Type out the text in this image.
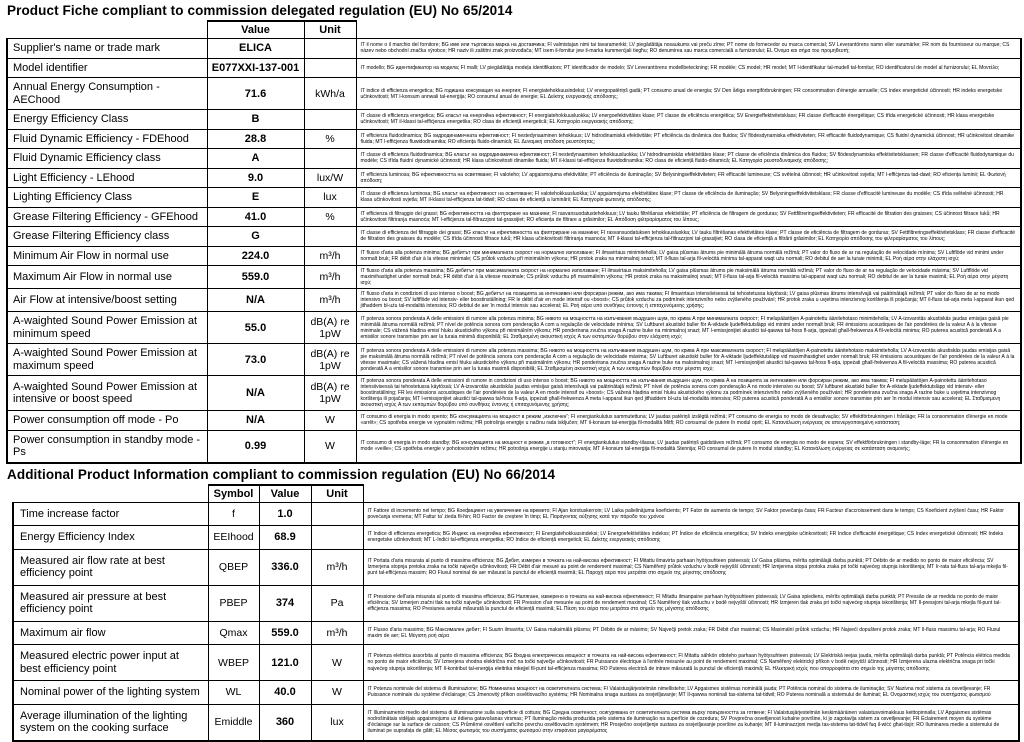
Product Fiche compliant to commission delegated regulation (EU) No 65/2014
	Value	Unit	
Supplier's name or trade mark	ELICA		IT il nome o il marchio del fornitore; BG име или търговска марка на доставчика; FI valmistajan nimi tai tavaramerkki; LV piegādātāja nosaukums vai preču zīme; PT nome do fornecedor ou marca comercial; SV Leverantörens namn eller varumärke; FR nom du fournisseur ou marque; CS název nebo obchodní značka výrobce; HR naziv ili zaštitni znak proizvođača; MT isem il-fornitur jew il-marka kummerċjali tiegħu; RO denumirea sau marca comercială a furnizorului; EL Όνομα και σήμα του προμηθευτή;
Model identifier	E077XXI-137-001		IT modello; BG идентификатор на модела; FI malli; LV piegādātāja modeļa identifikators; PT identificador de modelo; SV Leverantörens modellbeteckning; FR modèle; CS model; HR model; MT l-identifikatur tal-mudell tal-fornitur; RO identificatorul de model al furnizorului; EL Μοντέλο;
Annual Energy Consumption - AEChood	71.6	kWh/a	IT indice di efficienza energetica; BG годишна консумация на енергия; FI energiatehokkuusindeksi; LV energopatēriņš gadā; PT consumo anual de energia; SV Den årliga energiförbrukningen; FR consommation d'énergie annuelle; CS index energetické účinnosti; HR indeks energetske učinkovitosti; MT l-konsum annwali tal-enerġija; RO consumul anual de energie; EL Δείκτης ενεργειακής απόδοσης;
Energy Efficiency Class	B		IT classe di efficienza energetica; BG класът на енергийна ефективност; FI energiatehokkuusluokka; LV energoefektivitātes klase; PT classe de eficiência energética; SV Energieffektivitetsklass; FR classe d'efficacité énergétique; CS třída energetické účinnosti; HR klasa energetske učinkovitosti; MT il-klassi tal-effiċjenza energetika; RO clasa de eficiență energetică; EL Κατηγορία ενεργειακής απόδοσης;
Fluid Dynamic Efficiency - FDEhood	28.8	%	IT efficienza fluidodinamica; BG хидродинамичната ефективност; FI nestedynaaminen tehokkuus; LV hidrodinamiskā efektivitāte; PT eficiência da dinâmica dos fluidos; SV flödesdynamiska effektiviteten; FR efficacité fluidodynamique; CS fluidní dynamická účinnost; HR učinkovitost dinamike fluida; MT l-effiċjenza fluwidodinamika; RO eficiența fluido-dinamică; EL Δυναμική απόδοση ρευστότητας;
Fluid Dynamic Efficiency class	A		IT classe di efficienza fluidodinamica; BG класът на хидродинамична ефективност; FI nestedynaaminen tehokkuusluokka; LV hidrodinamiskās efektivitātes klase; PT classe de eficiência dinâmica dos fluidos; SV flödesdynamiska effektivitetsklassen; FR classe d'efficacité fluidodynamique du modèle; CS třída fluidní dynamické účinnosti; HR klasa učinkovitosti dinamike fluida; MT il-klassi tal-effiċjenza fluwidodinamika; RO clasa de eficiență fluido-dinamică; EL Κατηγορία ρευστοδυναμικής απόδοσης;
Light Efficiency - LEhood	9.0	lux/W	IT efficienza luminosa; BG ефективността на осветяване; FI valoteho; LV apgaismojuma efektivitāte; PT eficiência de iluminação; SV Belysningseffektiviteten; FR efficacité lumineuse; CS světelná účinnost; HR učinkovitost svjetla; MT l-effiċjenza tad-dawl; RO eficiența luminii; EL Φωτεινή απόδοση;
Lighting Efficiency Class	E	lux	IT classe di efficienza luminosa; BG класът на ефективност на осветяване; FI valotehokkuusluokka; LV apgaismojuma efektivitātes klase; PT classe de eficiência de iluminação; SV Belysningseffektivitetsklass; FR classe d'efficacité lumineuse du modèle; CS třída světelné účinnosti; HR klasa učinkovitosti svjetla; MT il-klassi tal-effiċjenza tat-tidwil; RO clasa de eficiență a luminării; EL Κατηγορία φωτεινής απόδοσης;
Grease Filtering Efficiency - GFEhood	41.0	%	IT efficienza di filtraggio dei grassi; BG ефективността на филтриране на мазнини; FI rasvansuodatustehokkuus; LV tauku filtrēšanas efektivitāte; PT eficiência de filtragem de gorduras; SV Fettfiltreringseffektiviteten; FR efficacité de filtration des graisses; CS účinnost filtrace tuků; HR učinkovitost filtriranja masnoća; MT l-effiċjenza tal-filtrazzjoni tal-grassijiet; RO eficiența de filtrare a grăsimilor; EL Απόδοση φιλτραρίσματος του λίπους;
Grease Filtering Efficiency class	G		IT classe di efficienza del filtraggio dei grassi; BG класът на ефективността на филтриране на мазнини; FI rasvansuodatuksen tehokkuusluokka; LV tauku filtrēšanas efektivitātes klase; PT classe de eficiência de filtragem de gorduras; SV Fettfiltreringseffektivitetsklass; FR classe d'efficacité de filtration des graisses du modèle; CS třída účinnosti filtrace tuků; HR klasa učinkovitosti filtriranja masnoća; MT il-klassi tal-effiċjenza tal-filtrazzjoni tal-grassijiet; RO clasa de eficiență a filtrării grăsimilor; EL Κατηγορία απόδοσης του φιλτραρίσματος του λίπους;
Minimum Air Flow in normal use	224.0	m³/h	IT flusso d'aria alla potenza minima; BG дебитът при минималната скорост на нормално използване; FI ilmavirtaus minimiteholla; LV gaisa plūsmas ātrums pie minimālā ātruma normālā režīmā; PT valor do fluxo de ar na regulação de velocidade mínima; SV Luftflöde vid minimi under normalt bruk; FR débit d'air à la vitesse minimale; CS průtok vzduchu při minimálním výkonu; HR protok zraka na minimalnoj snazi; MT il-fluss tal-arja fil-veloċità minima tal-apparat waqt użu normali; RO debitul de aer la turaie minimă; EL Ροή αέρα στην ελάχιστη ισχύ;
Maximum Air Flow in normal use	559.0	m³/h	IT flusso d'aria alla potenza massima; BG дебитът при максималната скорост на нормално използване; FI ilmavirtaus maksimiteholla; LV gaisa plūsmas ātrums pie maksimālā ātruma normālā režīmā; PT valor do fluxo de ar na regulação de velocidade máxima; SV Luftflöde vid maximihastighet under normalt bruk; FR débit d'air à la vitesse maximale; CS průtok vzduchu při maximálním výkonu; HR protok zraka na maksimalnoj snazi; MT il-fluss tal-arja fil-veloċità massima tal-apparat waqt użu normali; RO debitul de aer la turaie maximă; EL Ροή αέρα στην μέγιστη ισχύ;
Air Flow at intensive/boost setting	N/A	m³/h	IT flusso d'aria in condizioni di uso intenso o boost; BG дебитът на позицията за интензивен или форсиран режим, ако има такива; FI ilmavirtaus intensiivisessä tai tehostetussa käytössä; LV gaisa plūsmas ātrums intensīvajā vai paātrinātajā režīmā; PT valor do fluxo de ar no modo intensivo ou boost; SV luftflöde vid intensiv- eller boostinställning; FR le débit d'air en mode intensif ou «boost»; CS průtok vzduchu za podmínek intenzivního nebo zvýšeného používání; HR protok zraka u uvjetima intenzivnog korištenja ili pojačanja; MT il-fluss tal-arja meta l-apparat ikun qed jitħaddem bl-użu tal-modalità intensiva; RO debitul de aer în modul intensiv sau accelerat; EL Ροή αέρα υπό συνθήκες έντονης ή επιταχυνόμενης χρήσης;
A-waighted Sound Power Emission at minimum speed	55.0	dB(A) re 1pW	IT potenza sonora ponderata A delle emissioni di rumore alla potenza minima; BG нивото на мощността на излъчвания въздушен шум, по крива A при минималната скорост; FI melupäästöjen A-painotettu äänitehotaso minimiteholla; LV A-izsvarotās akustiskās jaudas emisijas gaisā pie minimālā ātruma normālā režīmā; PT nível de potência sonora com ponderação A com a regulação de velocidade mínima; SV Luftburet akustiskt buller för A-viktade ljudeffektutsläpp vid minimi under normalt bruk; FR émissions acoustiques de l'air pondérées de la valeur A à la vitesse minimale; CS vážená hladina emisí hluku akustického výkonu při minimálním výkonu; HR ponderirana zvučna snaga A razine buke na minimalnoj snazi; MT l-emissjonijiet akustiċi tal-qawwa tal-ħoss fl-arja, ippeżati għall-frekwenza A fil-veloċità minima; RO puterea acustică ponderată A a emisiilor sonore transmise prin aer la turaia minimă disponibilă; EL Σταθμισμένη ακουστική ισχύς A των εκπομπών θορύβου στην ελάχιστη ισχύ;
A-waighted Sound Power Emission at maximum speed	73.0	dB(A) re 1pW	IT potenza sonora ponderata A delle emissioni di rumore alla potenza massima; BG нивото на мощността на излъчвания въздушен шум, по крива A при максималната скорост; FI melupäästöjen A-painotettu äänitehotaso maksimiteholla; LV A-izsvarotās akustiskās jaudas emisijas gaisā pie maksimālā ātruma normālā režīmā; PT nível de potência sonora com ponderação A com a regulação de velocidade máxima; SV Luftburet akustiskt buller för A-viktade ljudeffektutsläpp vid maximihastighet under normalt bruk; FR émissions acoustiques de l'air pondérées de la valeur A à la vitesse maximale; CS vážená hladina emisí hluku akustického výkonu při maximálním výkonu; HR ponderirana zvučna snaga A razine buke na maksimalnoj snazi; MT l-emissjonijiet akustiċi tal-qawwa tal-ħoss fl-arja, ippeżati għall-frekwenza A fil-veloċità massima; RO puterea acustică ponderată A a emisiilor sonore transmise prin aer la turaia maximă disponibilă; EL Σταθμισμένη ακουστική ισχύς A των εκπομπών θορύβου στην μέγιστη ισχύ;
A-waighted Sound Power Emission at intensive or boost speed	N/A	dB(A) re 1pW	IT potenza sonora ponderata A delle emissioni di rumore in condizioni di uso intenso o boost; BG нивото на мощността на излъчвания въздушен шум, по крива A на позицията за интензивен или форсиран режим, ако има такива; FI melupäästöjen A-painotettu äänitehotaso intensiivisessä tai tehostetussa käytössä; LV A-izsvarotās akustiskās jaudas emisijas gaisā intensīvajā vai paātrinātajā režīmā; PT nível de potência sonora com ponderação A no modo intensivo ou boost; SV luftburet akustiskt buller för A-viktade ljudeffektutsläpp vid intensiv- eller boostinställning; FR les émissions acoustiques de l'air pondérées de la valeur A en mode intensif ou «boost»; CS vážená hladina emisí hluku akustického výkonu za podmínek intenzivního nebo zvýšeného používání; HR ponderirana zvučna snaga A razine buke u uvjetima intenzivnog korištenja ili pojačanja; MT l-emissjonijiet akustiċi tal-qawwa tal-ħoss fl-arja, ippeżati għall-frekwenza A meta l-apparat ikun qed jitħaddem bl-użu tal-modalità intensiva; RO puterea acustică ponderată A a emisiilor sonore transmise prin aer în modul intensiv sau accelerat; EL Σταθμισμένη ακουστική ισχύς A των εκπομπών θορύβου υπό συνθήκες έντονης ή επιταχυνόμενης χρήσης;
Power consumption off mode - Po	N/A	W	IT consumo di energia in modo spento; BG консумацията на мощност в режим „изключен“; FI energiankulutus sammutettuna; LV jaudas patēriņš izslēgtā režīmā; PT consumo de energia no modo de desativação; SV effektförbrukningen i frånläge; FR la consommation d'énergie en mode «arrêt»; CS spotřeba energie ve vypnutém režimu; HR potrošnja energije u načinu rada isključen; MT il-konsum tal-enerġija fil-modalità Mitfi; RO consumul de putere în modul oprit; EL Κατανάλωση ενέργειας σε απενεργοποιημένη κατάσταση;
Power consumption in standby mode - Ps	0.99	W	IT consumo di energia in modo standby; BG консумацията на мощност в режим „в готовност“; FI energiankulutus standby-tilassa; LV jaudas patēriņš gaidstāves režīmā; PT consumo de energia no modo de espera; SV effektförbrukningen i standby-läge; FR la consommation d'énergie en mode «veille»; CS spotřeba energie v pohotovostním režimu; HR potrošnja energije u stanju mirovanja; MT il-konsum tal-enerġija fil-modalità Stennija; RO consumul de putere în modul standby; EL Κατανάλωση ενέργειας σε κατάσταση αναμονής;
Additional Product Information compliant to commission regulation (EU) No 66/2014
	Symbol	Value	Unit	
Time increase factor	f	1.0		IT Fattore di incremento nel tempo; BG Коефициент на увеличение на времето; FI Ajan korotuskerroin; LV Laika palielinājuma koeficients; PT Fator de aumento de tempo; SV Faktor povečanja časa; FR Facteur d'accroissement dans le temps; CS Koeficient zvýšení času; HR Faktor povećanja vremena; MT Fattur ta' żieda fil-ħin; RO Factor de creștere în timp; EL Παράγοντας αύξησης κατά την πάροδο του χρόνου
Energy Efficiency Index	EEIhood	68.9		IT Indice di efficienza energetica; BG Индекс на енергийна ефективност; FI Energiatehokkuusindeksi; LV Energoefektivitātes indekss; PT Índice de eficiência energética; SV Indeks energijske učinkovitosti; FR Indice d'efficacité énergétique; CS Index energetické účinnosti; HR Indeks energetske učinkovitosti; MT L-Indiċi tal-effiċjenza energetika; RO Indice de eficiență energetică; EL Δείκτης ενεργειακής απόδοσης
Measured air flow rate at best efficiency point	QBEP	336.0	m³/h	IT Portata d'aria misurata al punto di massima efficienza; BG Дебит, измерен в точката на най-висока ефективност; FI Mitattu ilmavirta parhaan hyötysuhteen pisteessä; LV Gaisa plūsma, mērīta optimālajā darba punktā; PT Débito de ar medido no ponto de maior eficiência; SV Izmerjena stopnja pretoka zraka na točki največje učinkovitosti; FR Débit d'air mesuré au point de rendement maximal; CS Naměřený průtok vzduchu v bodě nejvyšší účinnosti; HR Izmjerena stopa protoka zraka pri točki najvećeg stupnja iskorištenja; MT Ir-rata tal-fluss tal-arja mkejla fil-punt tal-effiċjenza massim; RO Fluxul nominal de aer măsurat la punctul de eficiență maximă; EL Παροχή αέρα που μετράται στο σημείο της μέγιστης απόδοσης
Measured air pressure at best efficiency point	PBEP	374	Pa	IT Pressione dell'aria misurata al punto di massima efficienza; BG Налягане, измерено в точката на най-висока ефективност; FI Mitattu ilmanpaine parhaan hyötysuhteen pisteessä; LV Gaisa spiediens, mērīts optimālajā darba punktā; PT Pressão de ar medida no ponto de maior eficiência; SV Izmerjen zračni tlak na točki največje učinkovitosti; FR Pression d'air mesurée au point de rendement maximal; CS Naměřený tlak vzduchu v bodě nejvyšší účinnosti; HR Izmjeren tlak zraka pri točki najvećeg stupnja iskorištenja; MT Il-pressjoni tal-arja mkejla fil-punt tal-effiċjenza massima; RO Presiunea aerului măsurată la punctul de eficiență maximă; EL Πίεση του αέρα που μετράται στο σημείο της μέγιστης απόδοσης
Maximum air flow	Qmax	559.0	m³/h	IT Flusso d'aria massimo; BG Максимален дебит; FI Suurin ilmavirta; LV Gaisa maksimālā plūsma; PT Débito de ar máximo; SV Največji pretok zraka; FR Débit d'air maximal; CS Maximální průtok vzduchu; HR Najveći dopušteni protok zraka; MT Il-fluss massimu tal-arja; RO Fluxul maxim de aer; EL Μέγιστη ροή αέρα
Measured electric power input at best efficiency point	WBEP	121.0	W	IT Potenza elettrica assorbita al punto di massima efficienza; BG Входна електрическа мощност в точката на най-висока ефективност; FI Mitattu sähkön ottoteho parhaan hyötysuhteen pisteessä; LV Elektriskā ieejas jauda, mērīta optimālajā darba punktā; PT Potência elétrica medida no ponto de maior eficiência; SV Izmerjena vhodna električna moč na točki največje učinkovitosti; FR Puissance électrique à l'entrée mesurée au point de rendement maximal; CS Naměřený elektrický příkon v bodě nejvyšší účinnosti; HR Izmjerena ulazna električna snaga pri točki najvećeg stupnja iskorištenja; MT Il-kontribut tal-enerġija elettrika mkejjel fil-punt tal-effiċjenza massima; RO Puterea electrică de intrare măsurată la punctul de eficiență maximă; EL Ηλεκτρική ισχύς που απορροφάται στο σημείο της μέγιστης απόδοσης
Nominal power of the lighting system	WL	40.0	W	IT Potenza nominale del sistema di illuminazione; BG Номинална мощност на осветителната система; FI Valaistusjärjestelmän nimellisteho; LV Apgaismes sistēmas nominālā jauda; PT Potência nominal do sistema de iluminação; SV Nazivna moč sistema za osvetljevanje; FR Puissance nominale du système d'éclairage; CS Jmenovitý příkon osvětlovacího systému; HR Nominalna snaga sustava za osvjetljavanje; MT Il-qawwa nominali tas-sistema tat-tidwil; RO Puterea nominală a sistemului de iluminat; EL Ονομαστική ισχύς του συστήματος φωτισμού
Average illumination of the lighting system on the cooking surface	Emiddle	360	lux	IT Illuminamento medio del sistema di illuminazione sulla superficie di cottura; BG Средна осветеност, осигурявана от осветителната система върху повърхността за готвене; FI Valaistusjärjestelmän keskimääräinen valaistusvoimakkuus keittopinnalla; LV Apgaismes sistēmas nodrošinātais vidējais apgaismojums uz ēdiena gatavošanas virsmas; PT Iluminação média produzida pelo sistema de iluminação na superfície de cozedura; SV Povprečna osvetljenost kuhalne površine, ki jo zagotavlja sistem za osvetljevanje; FR Éclairement moyen du système d'éclairage sur la surface de cuisson; CS Průměrné osvětlení vařicího povrchu osvětlovacím systémem; HR Prosječno osvjetljenje sustava za osvjetljavanje površine za kuhanje; MT Il-luminazzjoni medja tas-sistema tat-tidwil fuq il-wiċċ għat-tisjir; RO Iluminarea medie a sistemului de iluminat pe suprafața de gătit; EL Μέσος φωτισμός του συστήματος φωτισμού στην επιφάνεια μαγειρέματος
